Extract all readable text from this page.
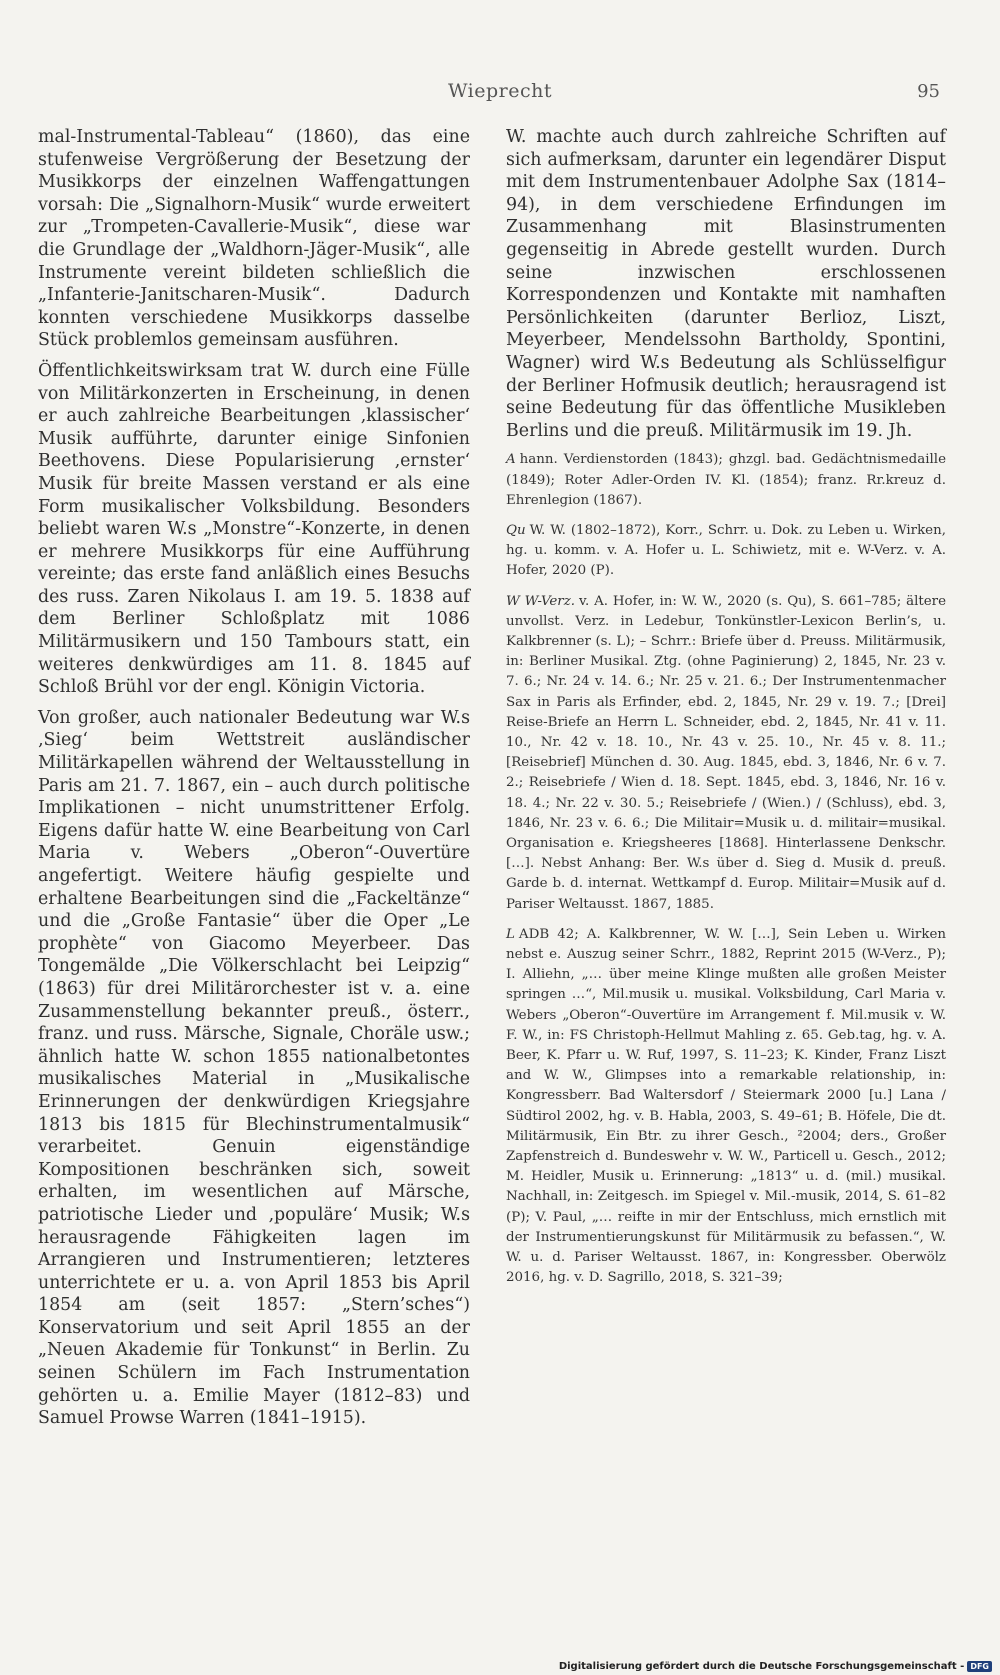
Wieprecht	95

mal-Instrumental-Tableau“ (1860), das eine stufenweise Vergrößerung der Besetzung der Musikkorps der einzelnen Waffengattungen vorsah: Die „Signalhorn-Musik“ wurde erweitert zur „Trompeten-Cavallerie-Musik“, diese war die Grundlage der „Waldhorn-Jäger-Musik“, alle Instrumente vereint bildeten schließlich die „Infanterie-Janitscharen-Musik“. Dadurch konnten verschiedene Musikkorps dasselbe Stück problemlos gemeinsam ausführen.

Öffentlichkeitswirksam trat W. durch eine Fülle von Militärkonzerten in Erscheinung, in denen er auch zahlreiche Bearbeitungen ‚klassischer‘ Musik aufführte, darunter einige Sinfonien Beethovens. Diese Popularisierung ‚ernster‘ Musik für breite Massen verstand er als eine Form musikalischer Volksbildung. Besonders beliebt waren W.s „Monstre“-Konzerte, in denen er mehrere Musikkorps für eine Aufführung vereinte; das erste fand anläßlich eines Besuchs des russ. Zaren Nikolaus I. am 19. 5. 1838 auf dem Berliner Schloßplatz mit 1086 Militärmusikern und 150 Tambours statt, ein weiteres denkwürdiges am 11. 8. 1845 auf Schloß Brühl vor der engl. Königin Victoria.

Von großer, auch nationaler Bedeutung war W.s ‚Sieg‘ beim Wettstreit ausländischer Militärkapellen während der Weltausstellung in Paris am 21. 7. 1867, ein – auch durch politische Implikationen – nicht unumstrittener Erfolg. Eigens dafür hatte W. eine Bearbeitung von Carl Maria v. Webers „Oberon“-Ouvertüre angefertigt. Weitere häufig gespielte und erhaltene Bearbeitungen sind die „Fackeltänze“ und die „Große Fantasie“ über die Oper „Le prophète“ von Giacomo Meyerbeer. Das Tongemälde „Die Völkerschlacht bei Leipzig“ (1863) für drei Militärorchester ist v. a. eine Zusammenstellung bekannter preuß., österr., franz. und russ. Märsche, Signale, Choräle usw.; ähnlich hatte W. schon 1855 nationalbetontes musikalisches Material in „Musikalische Erinnerungen der denkwürdigen Kriegsjahre 1813 bis 1815 für Blechinstrumentalmusik“ verarbeitet. Genuin eigenständige Kompositionen beschränken sich, soweit erhalten, im wesentlichen auf Märsche, patriotische Lieder und ‚populäre‘ Musik; W.s herausragende Fähigkeiten lagen im Arrangieren und Instrumentieren; letzteres unterrichtete er u. a. von April 1853 bis April 1854 am (seit 1857: „Stern’sches“) Konservatorium und seit April 1855 an der „Neuen Akademie für Tonkunst“ in Berlin. Zu seinen Schülern im Fach Instrumentation gehörten u. a. Emilie Mayer (1812–83) und Samuel Prowse Warren (1841–1915).

W. machte auch durch zahlreiche Schriften auf sich aufmerksam, darunter ein legendärer Disput mit dem Instrumentenbauer Adolphe Sax (1814–94), in dem verschiedene Erfindungen im Zusammenhang mit Blasinstrumenten gegenseitig in Abrede gestellt wurden. Durch seine inzwischen erschlossenen Korrespondenzen und Kontakte mit namhaften Persönlichkeiten (darunter Berlioz, Liszt, Meyerbeer, Mendelssohn Bartholdy, Spontini, Wagner) wird W.s Bedeutung als Schlüsselfigur der Berliner Hofmusik deutlich; herausragend ist seine Bedeutung für das öffentliche Musikleben Berlins und die preuß. Militärmusik im 19. Jh.

A hann. Verdienstorden (1843); ghzgl. bad. Gedächtnismedaille (1849); Roter Adler-Orden IV. Kl. (1854); franz. Rr.kreuz d. Ehrenlegion (1867).

Qu W. W. (1802–1872), Korr., Schrr. u. Dok. zu Leben u. Wirken, hg. u. komm. v. A. Hofer u. L. Schiwietz, mit e. W-Verz. v. A. Hofer, 2020 (P).

W W-Verz. v. A. Hofer, in: W. W., 2020 (s. Qu), S. 661–785; ältere unvollst. Verz. in Ledebur, Tonkünstler-Lexicon Berlin’s, u. Kalkbrenner (s. L); – Schrr.: Briefe über d. Preuss. Militärmusik, in: Berliner Musikal. Ztg. (ohne Paginierung) 2, 1845, Nr. 23 v. 7. 6.; Nr. 24 v. 14. 6.; Nr. 25 v. 21. 6.; Der Instrumentenmacher Sax in Paris als Erfinder, ebd. 2, 1845, Nr. 29 v. 19. 7.; [Drei] Reise-Briefe an Herrn L. Schneider, ebd. 2, 1845, Nr. 41 v. 11. 10., Nr. 42 v. 18. 10., Nr. 43 v. 25. 10., Nr. 45 v. 8. 11.; [Reisebrief] München d. 30. Aug. 1845, ebd. 3, 1846, Nr. 6 v. 7. 2.; Reisebriefe / Wien d. 18. Sept. 1845, ebd. 3, 1846, Nr. 16 v. 18. 4.; Nr. 22 v. 30. 5.; Reisebriefe / (Wien.) / (Schluss), ebd. 3, 1846, Nr. 23 v. 6. 6.; Die Militair=Musik u. d. militair=musikal. Organisation e. Kriegsheeres [1868]. Hinterlassene Denkschr. […]. Nebst Anhang: Ber. W.s über d. Sieg d. Musik d. preuß. Garde b. d. internat. Wettkampf d. Europ. Militair=Musik auf d. Pariser Weltausst. 1867, 1885.

L ADB 42; A. Kalkbrenner, W. W. […], Sein Leben u. Wirken nebst e. Auszug seiner Schrr., 1882, Reprint 2015 (W-Verz., P); I. Alliehn, „… über meine Klinge mußten alle großen Meister springen …“, Mil.musik u. musikal. Volksbildung, Carl Maria v. Webers „Oberon“-Ouvertüre im Arrangement f. Mil.musik v. W. F. W., in: FS Christoph-Hellmut Mahling z. 65. Geb.tag, hg. v. A. Beer, K. Pfarr u. W. Ruf, 1997, S. 11–23; K. Kinder, Franz Liszt and W. W., Glimpses into a remarkable relationship, in: Kongressberr. Bad Waltersdorf / Steiermark 2000 [u.] Lana / Südtirol 2002, hg. v. B. Habla, 2003, S. 49–61; B. Höfele, Die dt. Militärmusik, Ein Btr. zu ihrer Gesch., ²2004; ders., Großer Zapfenstreich d. Bundeswehr v. W. W., Particell u. Gesch., 2012; M. Heidler, Musik u. Erinnerung: „1813“ u. d. (mil.) musikal. Nachhall, in: Zeitgesch. im Spiegel v. Mil.-musik, 2014, S. 61–82 (P); V. Paul, „… reifte in mir der Entschluss, mich ernstlich mit der Instrumentierungskunst für Militärmusik zu befassen.“, W. W. u. d. Pariser Weltausst. 1867, in: Kongressber. Oberwölz 2016, hg. v. D. Sagrillo, 2018, S. 321–39;

Digitalisierung gefördert durch die Deutsche Forschungsgemeinschaft - DFG
